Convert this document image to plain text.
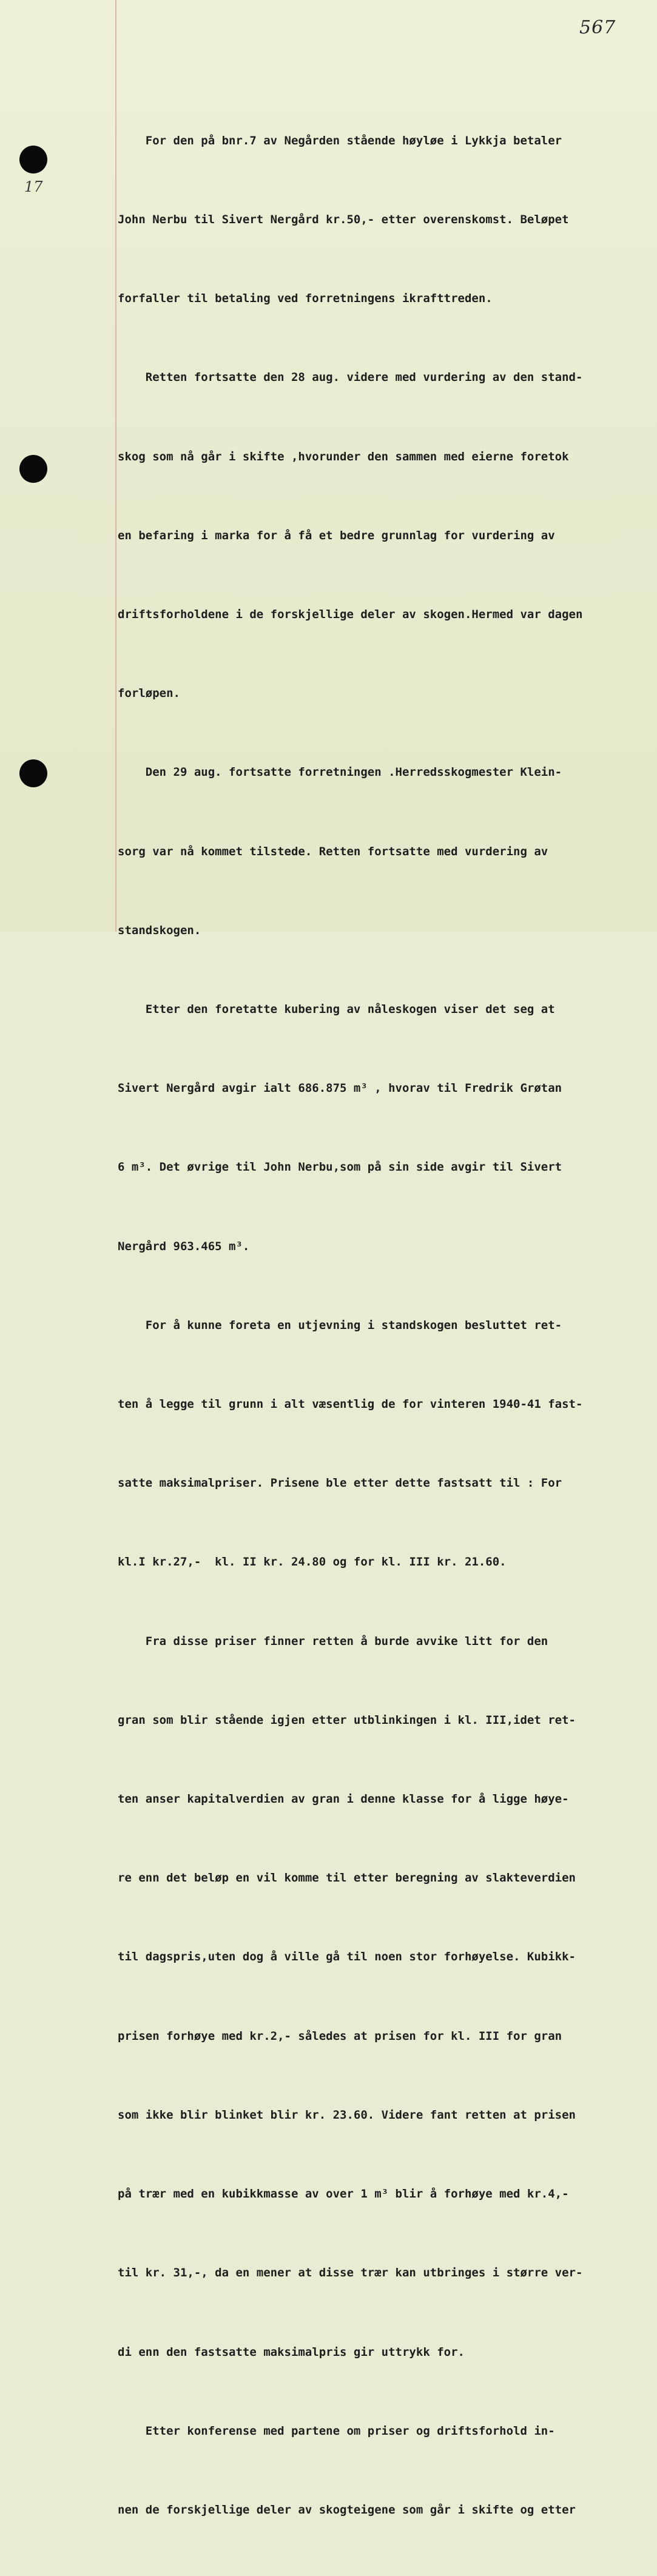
567
17

For den på bnr.7 av Negården stående høyløe i Lykkja betaler

John Nerbu til Sivert Nergård kr.50,- etter overenskomst. Beløpet

forfaller til betaling ved forretningens ikrafttreden.

Retten fortsatte den 28 aug. videre med vurdering av den stand-

skog som nå går i skifte ,hvorunder den sammen med eierne foretok

en befaring i marka for å få et bedre grunnlag for vurdering av

driftsforholdene i de forskjellige deler av skogen.Hermed var dagen

forløpen.

Den 29 aug. fortsatte forretningen .Herredsskogmester Klein-

sorg var nå kommet tilstede. Retten fortsatte med vurdering av

standskogen.

Etter den foretatte kubering av nåleskogen viser det seg at

Sivert Nergård avgir ialt 686.875 m³ , hvorav til Fredrik Grøtan

6 m³. Det øvrige til John Nerbu,som på sin side avgir til Sivert

Nergård 963.465 m³.

For å kunne foreta en utjevning i standskogen besluttet ret-

ten å legge til grunn i alt væsentlig de for vinteren 1940-41 fast-

satte maksimalpriser. Prisene ble etter dette fastsatt til : For

kl.I kr.27,-  kl. II kr. 24.80 og for kl. III kr. 21.60.

Fra disse priser finner retten å burde avvike litt for den

gran som blir stående igjen etter utblinkingen i kl. III,idet ret-

ten anser kapitalverdien av gran i denne klasse for å ligge høye-

re enn det beløp en vil komme til etter beregning av slakteverdien

til dagspris,uten dog å ville gå til noen stor forhøyelse. Kubikk-

prisen forhøye med kr.2,- således at prisen for kl. III for gran

som ikke blir blinket blir kr. 23.60. Videre fant retten at prisen

på trær med en kubikkmasse av over 1 m³ blir å forhøye med kr.4,-

til kr. 31,-, da en mener at disse trær kan utbringes i større ver-

di enn den fastsatte maksimalpris gir uttrykk for.

Etter konferense med partene om priser og driftsforhold in-

nen de forskjellige deler av skogteigene som går i skifte og etter
